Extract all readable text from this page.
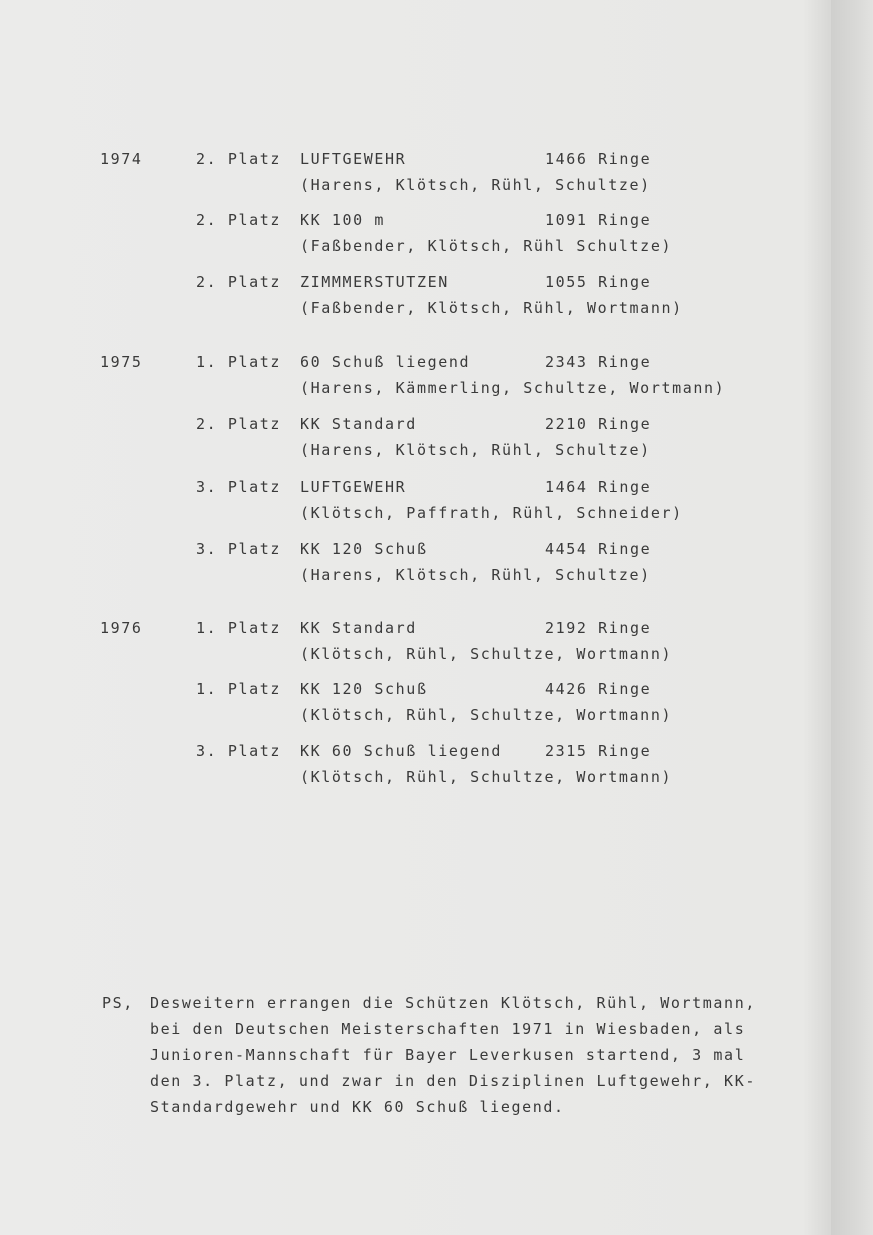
1974	2. Platz LUFTGEWEHR	1466 Ringe
(Harens, Klötsch, Rühl, Schultze)
2. Platz KK 100 m	1091 Ringe
(Faßbender, Klötsch, Rühl Schultze)
2. Platz ZIMMMERSTUTZEN	1055 Ringe
(Faßbender, Klötsch, Rühl, Wortmann)
1975	1. Platz 60 Schuß liegend	2343 Ringe
(Harens, Kämmerling, Schultze, Wortmann)
2. Platz KK Standard	2210 Ringe
(Harens, Klötsch, Rühl, Schultze)
3. Platz LUFTGEWEHR	1464 Ringe
(Klötsch, Paffrath, Rühl, Schneider)
3. Platz KK 120 Schuß	4454 Ringe
(Harens, Klötsch, Rühl, Schultze)
1976	1. Platz KK Standard	2192 Ringe
(Klötsch, Rühl, Schultze, Wortmann)
1. Platz KK 120 Schuß	4426 Ringe
(Klötsch, Rühl, Schultze, Wortmann)
3. Platz KK 60 Schuß liegend	2315 Ringe
(Klötsch, Rühl, Schultze, Wortmann)
PS, Desweitern errangen die Schützen Klötsch, Rühl, Wortmann,
bei den Deutschen Meisterschaften 1971 in Wiesbaden, als
Junioren-Mannschaft für Bayer Leverkusen startend, 3 mal
den 3. Platz, und zwar in den Disziplinen Luftgewehr, KK-
Standardgewehr und KK 60 Schuß liegend.
